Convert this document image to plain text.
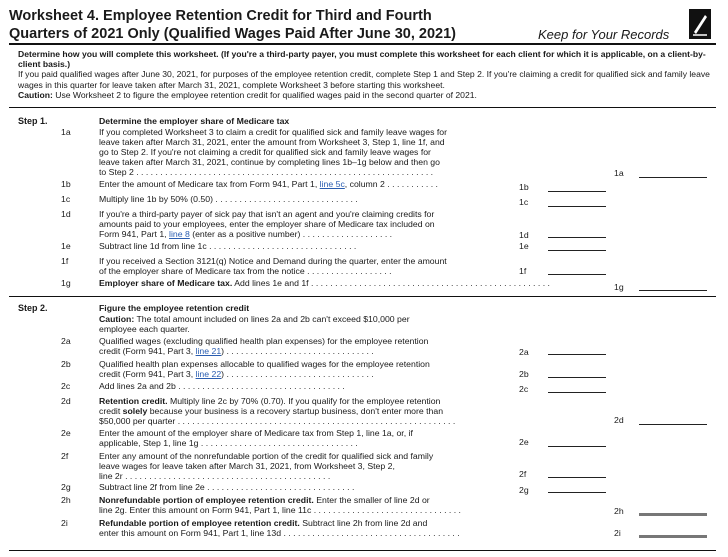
Worksheet 4. Employee Retention Credit for Third and Fourth
Quarters of 2021 Only (Qualified Wages Paid After June 30, 2021)	Keep for Your Records
Determine how you will complete this worksheet. (If you're a third-party payer, you must complete this worksheet for each client for which it is applicable, on a client-by-client basis.)
If you paid qualified wages after June 30, 2021, for purposes of the employee retention credit, complete Step 1 and Step 2. If you're claiming a credit for qualified sick and family leave wages in this quarter for leave taken after March 31, 2021, complete Worksheet 3 before starting this worksheet.
Caution: Use Worksheet 2 to figure the employee retention credit for qualified wages paid in the second quarter of 2021.
Step 1.	Determine the employer share of Medicare tax
1a	If you completed Worksheet 3 to claim a credit for qualified sick and family leave wages for
leave taken after March 31, 2021, enter the amount from Worksheet 3, Step 1, line 1f, and
go to Step 2. If you're not claiming a credit for qualified sick and family leave wages for
leave taken after March 31, 2021, continue by completing lines 1b–1g below and then go
to Step 2 . . . . . . . . . . . . . . . . . . . . . . . . . . . . . . . . . . . . . . . . . . . . . . . . . . . . . . . . . . . . . .	1a
1b	Enter the amount of Medicare tax from Form 941, Part 1, line 5c, column 2 . . . . . . . . . . .	1b
1c	Multiply line 1b by 50% (0.50) . . . . . . . . . . . . . . . . . . . . . . . . . . . . . .	1c
1d	If you're a third-party payer of sick pay that isn't an agent and you're claiming credits for
amounts paid to your employees, enter the employer share of Medicare tax included on
Form 941, Part 1, line 8 (enter as a positive number) . . . . . . . . . . . . . . . . . . .	1d
1e	Subtract line 1d from line 1c . . . . . . . . . . . . . . . . . . . . . . . . . . . . . . .	1e
1f	If you received a Section 3121(q) Notice and Demand during the quarter, enter the amount
of the employer share of Medicare tax from the notice . . . . . . . . . . . . . . . . . .	1f
1g	Employer share of Medicare tax. Add lines 1e and 1f . . . . . . . . . . . . . . . . . . . . . . . . . . . . . . . . . . . . . . . . . . . . . . . . . .	1g
Step 2.	Figure the employee retention credit
Caution: The total amount included on lines 2a and 2b can't exceed $10,000 per
employee each quarter.
2a	Qualified wages (excluding qualified health plan expenses) for the employee retention
credit (Form 941, Part 3, line 21) . . . . . . . . . . . . . . . . . . . . . . . . . . . . . . .	2a
2b	Qualified health plan expenses allocable to qualified wages for the employee retention
credit (Form 941, Part 3, line 22) . . . . . . . . . . . . . . . . . . . . . . . . . . . . . . .	2b
2c	Add lines 2a and 2b . . . . . . . . . . . . . . . . . . . . . . . . . . . . . . . . . . .	2c
2d	Retention credit. Multiply line 2c by 70% (0.70). If you qualify for the employee retention
credit solely because your business is a recovery startup business, don't enter more than
$50,000 per quarter . . . . . . . . . . . . . . . . . . . . . . . . . . . . . . . . . . . . . . . . . . . . . . . . . . . . . . . . . .	2d
2e	Enter the amount of the employer share of Medicare tax from Step 1, line 1a, or, if
applicable, Step 1, line 1g . . . . . . . . . . . . . . . . . . . . . . . . . . . . . . . . .	2e
2f	Enter any amount of the nonrefundable portion of the credit for qualified sick and family
leave wages for leave taken after March 31, 2021, from Worksheet 3, Step 2,
line 2r . . . . . . . . . . . . . . . . . . . . . . . . . . . . . . . . . . . . . . . . . . .	2f
2g	Subtract line 2f from line 2e . . . . . . . . . . . . . . . . . . . . . . . . . . . . . . .	2g
2h	Nonrefundable portion of employee retention credit. Enter the smaller of line 2d or
line 2g. Enter this amount on Form 941, Part 1, line 11c . . . . . . . . . . . . . . . . . . . . . . . . . . . . . . .	2h
2i	Refundable portion of employee retention credit. Subtract line 2h from line 2d and
enter this amount on Form 941, Part 1, line 13d . . . . . . . . . . . . . . . . . . . . . . . . . . . . . . . . . . . . .	2i
